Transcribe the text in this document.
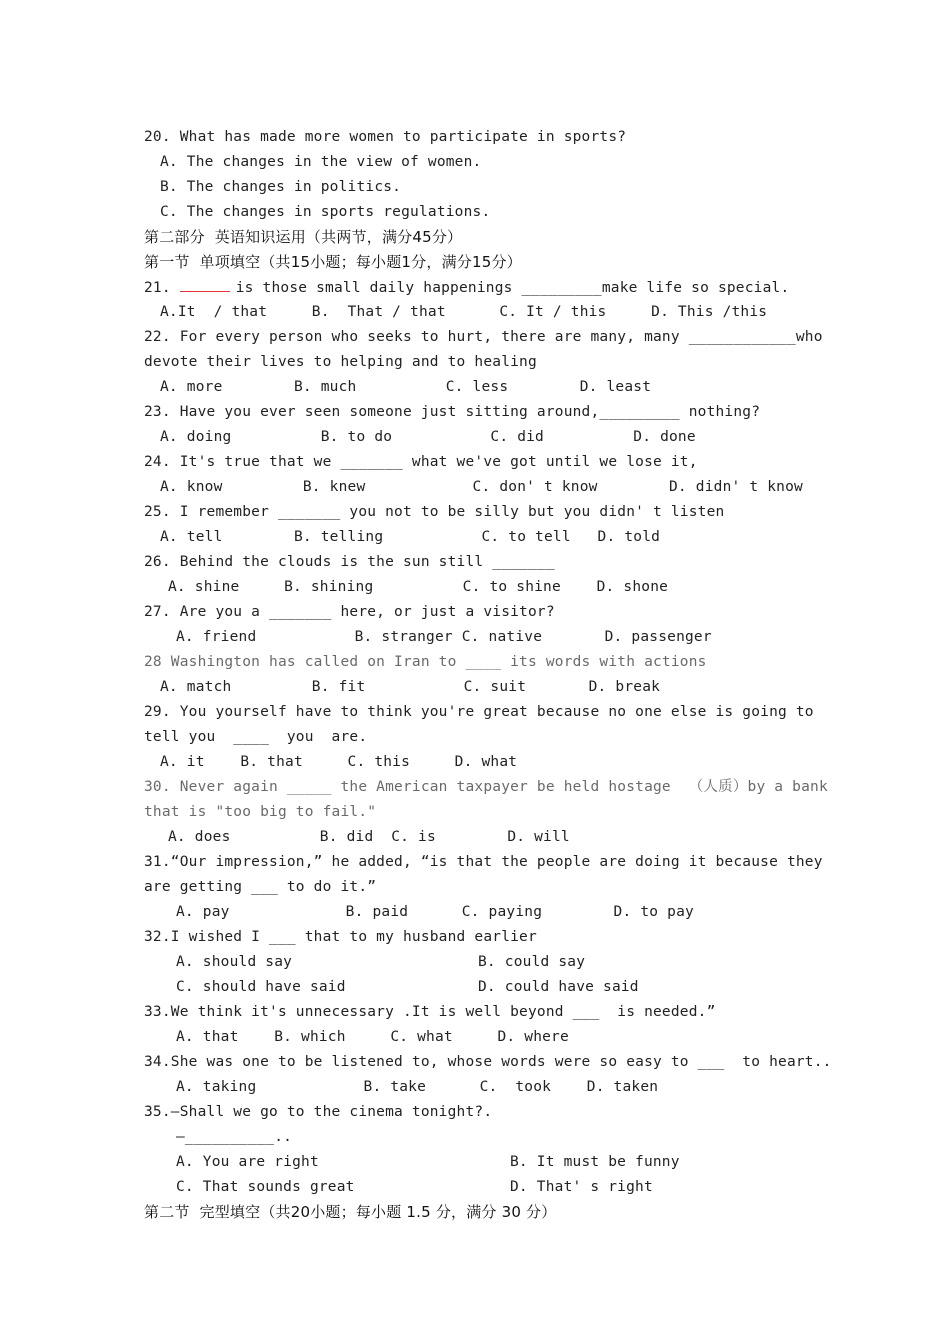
20. What has made more women to participate in sports?
A. The changes in the view of women.
B. The changes in politics.
C. The changes in sports regulations.
第二部分  英语知识运用（共两节，满分45分）
第一节  单项填空（共15小题；每小题1分，满分15分）
21.	is those small daily happenings _________make life so special.
A.It  / that     B.  That / that      C. It / this     D. This /this
22. For every person who seeks to hurt, there are many, many ____________who
devote their lives to helping and to healing
A. more        B. much          C. less        D. least
23. Have you ever seen someone just sitting around,_________ nothing?
A. doing          B. to do           C. did          D. done
24. It's true that we _______ what we've got until we lose it,
A. know         B. knew            C. don' t know        D. didn' t know
25. I remember _______ you not to be silly but you didn' t listen
A. tell        B. telling           C. to tell   D. told
26. Behind the clouds is the sun still _______
A. shine     B. shining          C. to shine    D. shone
27. Are you a _______ here, or just a visitor?
A. friend           B. stranger C. native       D. passenger
28 Washington has called on Iran to ____ its words with actions
A. match         B. fit           C. suit       D. break
29. You yourself have to think you're great because no one else is going to
tell you  ____  you  are.
A. it    B. that     C. this     D. what
30. Never again _____ the American taxpayer be held hostage  （人质）by a bank
that is "too big to fail."
A. does          B. did  C. is        D. will
31.“Our impression,” he added, “is that the people are doing it because they
are getting ___ to do it.”
A. pay             B. paid      C. paying        D. to pay
32.I wished I ___ that to my husband earlier
A. should say	B. could say
C. should have said	D. could have said
33.We think it's unnecessary .It is well beyond ___  is needed.”
A. that    B. which     C. what     D. where
34.She was one to be listened to, whose words were so easy to ___  to heart..
A. taking            B. take      C.  took    D. taken
35.—Shall we go to the cinema tonight?.
—__________..
A. You are right	B. It must be funny
C. That sounds great	D. That' s right
第二节  完型填空（共20小题；每小题 1.5 分，满分 30 分）
